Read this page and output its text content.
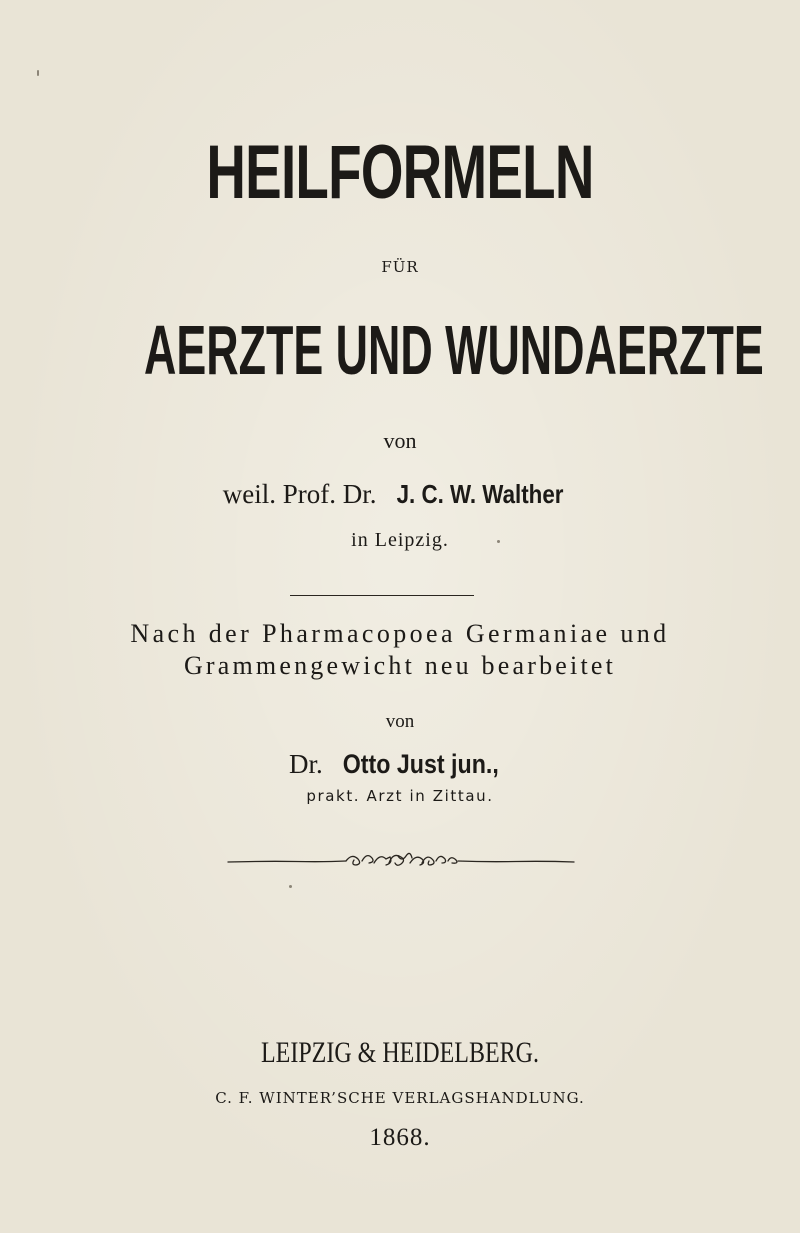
HEILFORMELN
FÜR
AERZTE UND WUNDAERZTE
von
weil. Prof. Dr. J. C. W. Walther
in Leipzig.
Nach der Pharmacopoea Germaniae und
Grammengewicht neu bearbeitet
von
Dr. Otto Just jun.,
prakt. Arzt in Zittau.
LEIPZIG & HEIDELBERG.
C. F. WINTER’SCHE VERLAGSHANDLUNG.
1868.
